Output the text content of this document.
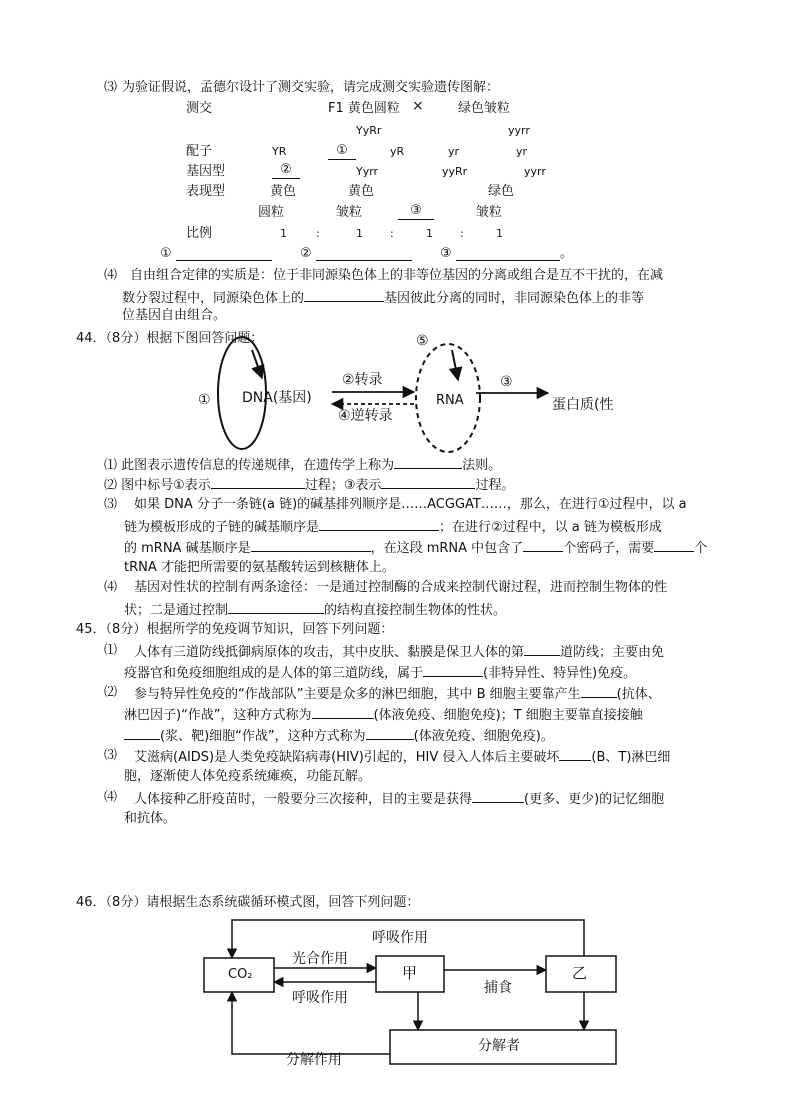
⑶ 为验证假说，孟德尔设计了测交实验，请完成测交实验遗传图解：
测交	F1 黄色圆粒 ×	绿色皱粒
YyRr	yyrr
配子	YR	①	yR	yr	yr
基因型	②	Yyrr	yyRr	yyrr
表现型	黄色	黄色	绿色
圆粒	皱粒	③	皱粒
比例	1	:	1 :	1 :	1
①	②	③	。
⑷ 自由组合定律的实质是：位于非同源染色体上的非等位基因的分离或组合是互不干扰的，在减
数分裂过程中，同源染色体上的	基因彼此分离的同时，非同源染色体上的非等
位基因自由组合。
44．（8分）根据下图回答问题：
① DNA(基因)
②转录
④逆转录
⑤
RNA
③
蛋白质(性
⑴ 此图表示遗传信息的传递规律，在遗传学上称为	法则。
⑵ 图中标号①表示	过程；③表示	过程。
⑶ 如果 DNA 分子一条链(a 链)的碱基排列顺序是……ACGGAT……，那么，在进行①过程中，以 a
链为模板形成的子链的碱基顺序是	；在进行②过程中，以 a 链为模板形成
的 mRNA 碱基顺序是	，在这段 mRNA 中包含了	个密码子，需要	个
tRNA 才能把所需要的氨基酸转运到核糖体上。
⑷ 基因对性状的控制有两条途径：一是通过控制酶的合成来控制代谢过程，进而控制生物体的性
状；二是通过控制	的结构直接控制生物体的性状。
45．（8分）根据所学的免疫调节知识，回答下列问题：
⑴ 人体有三道防线抵御病原体的攻击，其中皮肤、黏膜是保卫人体的第	道防线；主要由免
疫器官和免疫细胞组成的是人体的第三道防线，属于	(非特异性、特异性)免疫。
⑵ 参与特异性免疫的“作战部队”主要是众多的淋巴细胞，其中 B 细胞主要靠产生	(抗体、
淋巴因子)“作战”，这种方式称为	(体液免疫、细胞免疫)；T 细胞主要靠直接接触
(浆、靶)细胞“作战”，这种方式称为	(体液免疫、细胞免疫)。
⑶ 艾滋病(AIDS)是人类免疫缺陷病毒(HIV)引起的，HIV 侵入人体后主要破坏 (B、T)淋巴细
胞，逐渐使人体免疫系统瘫痪，功能瓦解。
⑷ 人体接种乙肝疫苗时，一般要分三次接种，目的主要是获得	(更多、更少)的记忆细胞
和抗体。
46．（8分）请根据生态系统碳循环模式图，回答下列问题：
呼吸作用
CO₂
光合作用
呼吸作用
甲
捕食
乙
分解作用
分解者
